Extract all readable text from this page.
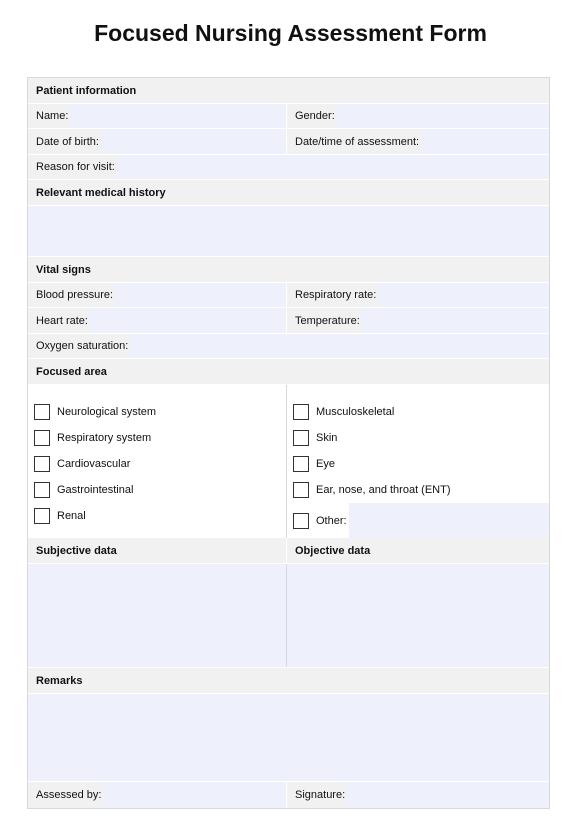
Focused Nursing Assessment Form
Patient information
Name:	Gender:
Date of birth:	Date/time of assessment:
Reason for visit:
Relevant medical history
Vital signs
Blood pressure:	Respiratory rate:
Heart rate:	Temperature:
Oxygen saturation:
Focused area
Neurological system
Respiratory system
Cardiovascular
Gastrointestinal
Renal
Musculoskeletal
Skin
Eye
Ear, nose, and throat (ENT)
Other:
Subjective data	Objective data
Remarks
Assessed by:	Signature:
